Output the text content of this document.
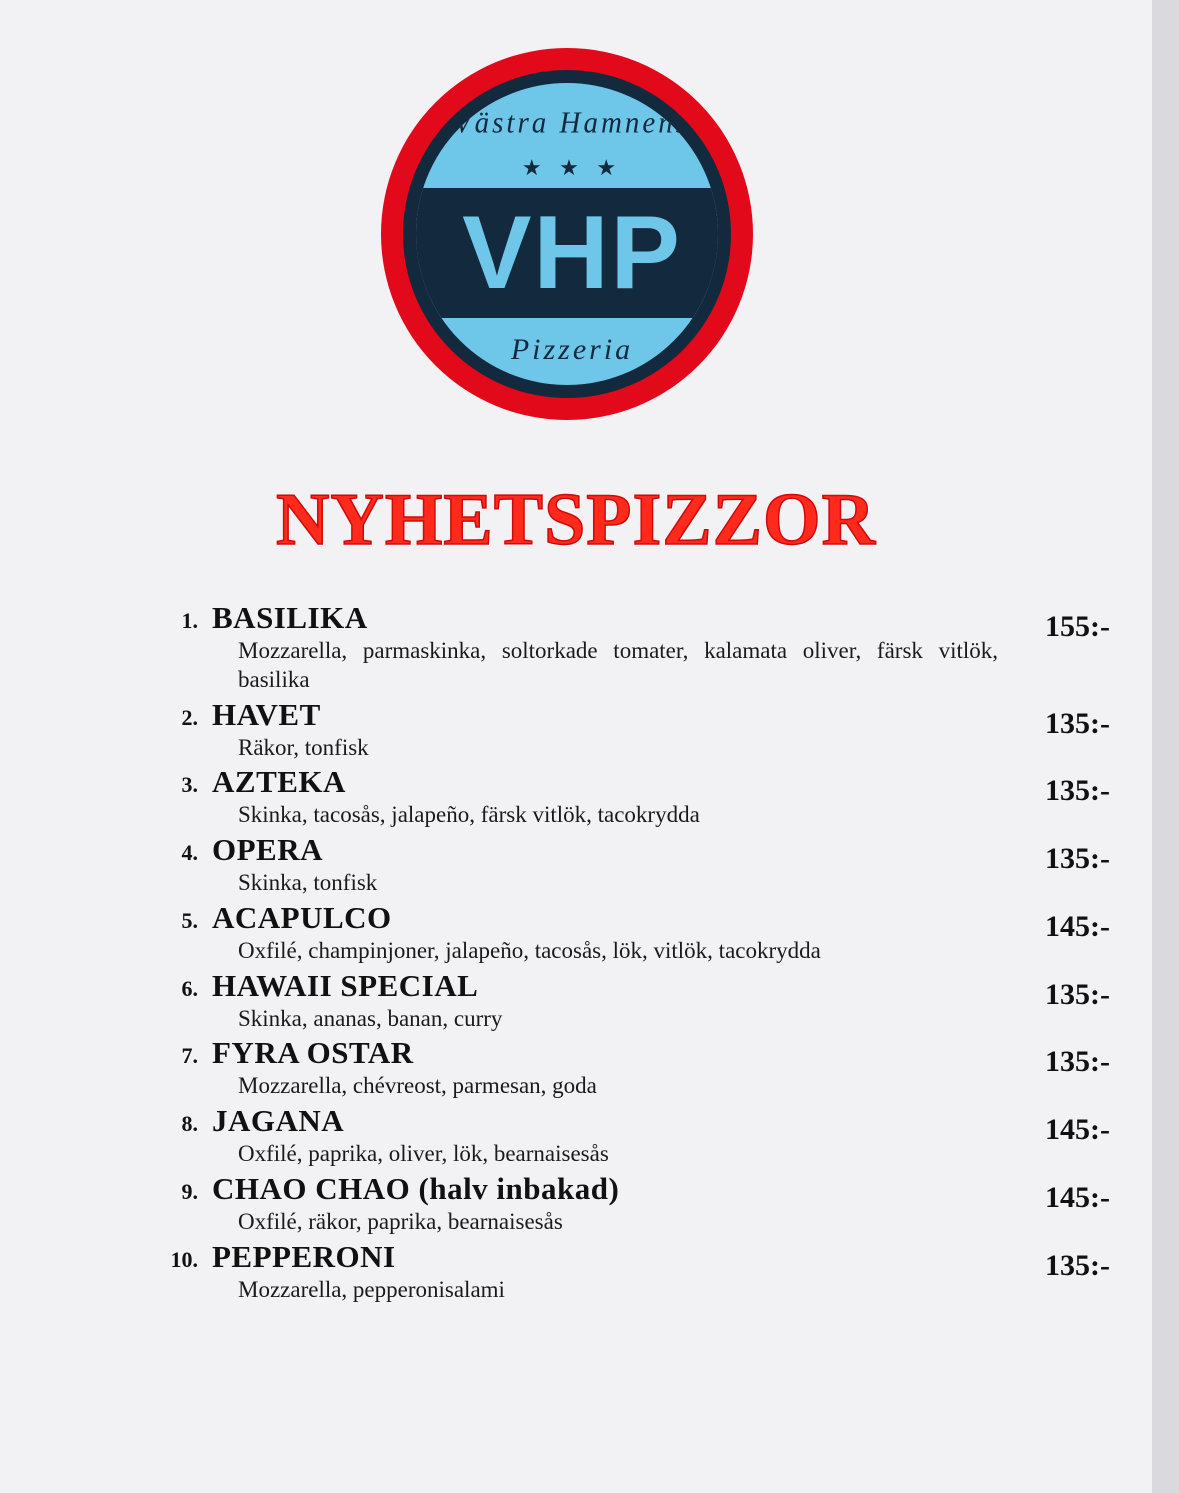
Västra Hamnens
★ ★ ★
VHP
Pizzeria
NYHETSPIZZOR
1. BASILIKA	155:-
Mozzarella, parmaskinka, soltorkade tomater, kalamata oliver, färsk vitlök, basilika
2. HAVET	135:-
Räkor, tonfisk
3. AZTEKA	135:-
Skinka, tacosås, jalapeño, färsk vitlök, tacokrydda
4. OPERA	135:-
Skinka, tonfisk
5. ACAPULCO	145:-
Oxfilé, champinjoner, jalapeño, tacosås, lök, vitlök, tacokrydda
6. HAWAII SPECIAL	135:-
Skinka, ananas, banan, curry
7. FYRA OSTAR	135:-
Mozzarella, chévreost, parmesan, goda
8. JAGANA	145:-
Oxfilé, paprika, oliver, lök, bearnaisesås
9. CHAO CHAO (halv inbakad)	145:-
Oxfilé, räkor, paprika, bearnaisesås
10. PEPPERONI	135:-
Mozzarella, pepperonisalami
